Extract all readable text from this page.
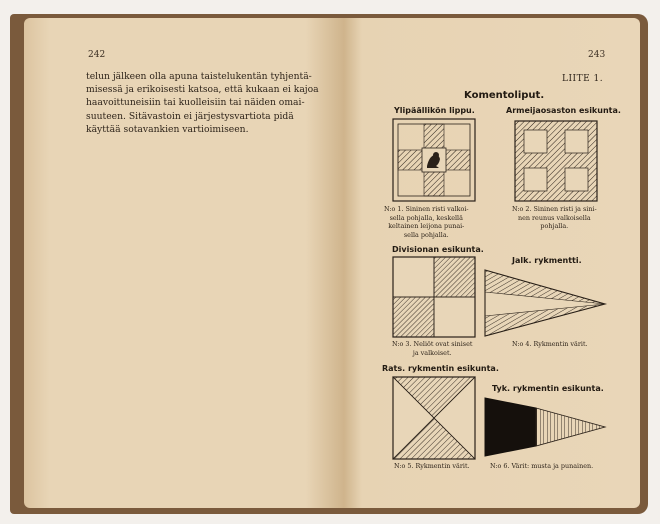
242
telun jälkeen olla apuna taistelukentän tyhjentä-
misessä ja erikoisesti katsoa, että kukaan ei kajoa
haavoittuneisiin tai kuolleisiin tai näiden omai-
suuteen. Sitävastoin ei järjestysvartiota pidä
käyttää sotavankien vartioimiseen.
243
LIITE 1.
Komentoliput.
Ylipäällikön lippu.
N:o 1. Sininen risti valkoi-
sella pohjalla, keskellä
keltainen leijona punai-
sella pohjalla.
Armeijaosaston esikunta.
N:o 2. Sininen risti ja sini-
nen reunus valkoisella
pohjalla.
Divisionan esikunta.
N:o 3. Neliöt ovat siniset
ja valkoiset.
Jalk. rykmentti.
N:o 4. Rykmentin värit.
Rats. rykmentin esikunta.
N:o 5. Rykmentin värit.
Tyk. rykmentin esikunta.
N:o 6. Värit: musta ja punainen.
